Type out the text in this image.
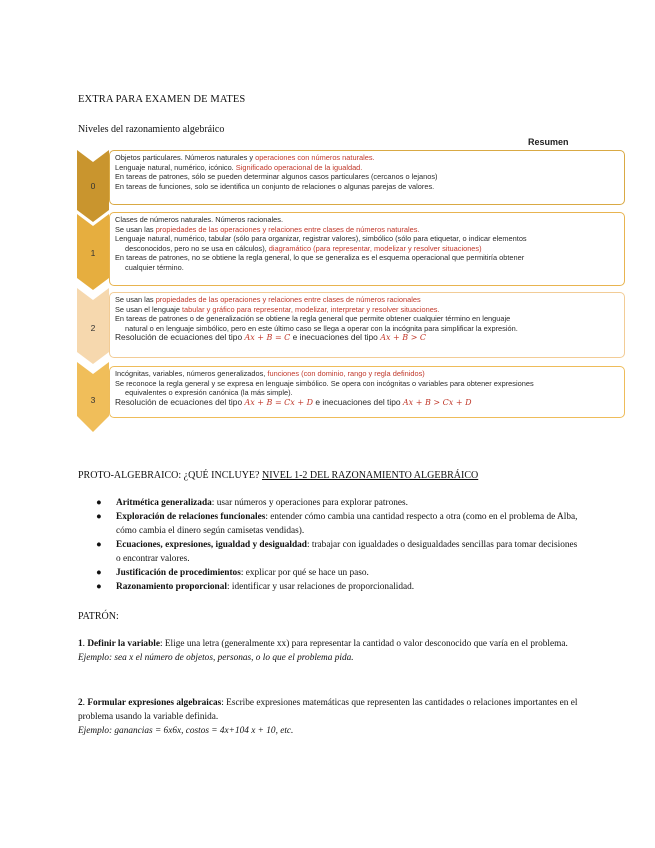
EXTRA PARA EXAMEN DE MATES
Niveles del razonamiento algebráico
Resumen
0
1
2
3
Objetos particulares. Números naturales y operaciones con números naturales.
Lenguaje natural, numérico, icónico. Significado operacional de la igualdad.
En tareas de patrones, sólo se pueden determinar algunos casos particulares (cercanos o lejanos)
En tareas de funciones, solo se identifica un conjunto de relaciones o algunas parejas de valores.
Clases de números naturales. Números racionales.
Se usan las propiedades de las operaciones y relaciones entre clases de números naturales.
Lenguaje natural, numérico, tabular (sólo para organizar, registrar valores), simbólico (sólo para etiquetar, o indicar elementos
desconocidos, pero no se usa en cálculos), diagramático (para representar, modelizar y resolver situaciones)
En tareas de patrones, no se obtiene la regla general, lo que se generaliza es el esquema operacional que permitiría obtener
cualquier término.
Se usan las propiedades de las operaciones y relaciones entre clases de números racionales
Se usan el lenguaje tabular y gráfico para representar, modelizar, interpretar y resolver situaciones.
En tareas de patrones o de generalización se obtiene la regla general que permite obtener cualquier término en lenguaje
natural o en lenguaje simbólico, pero en este último caso se llega a operar con la incógnita para simplificar la expresión.
Resolución de ecuaciones del tipo Ax + B = C e inecuaciones del tipo Ax + B > C
Incógnitas, variables, números generalizados, funciones (con dominio, rango y regla definidos)
Se reconoce la regla general y se expresa en lenguaje simbólico. Se opera con incógnitas o variables para obtener expresiones
equivalentes o expresión canónica (la más simple).
Resolución de ecuaciones del tipo Ax + B = Cx + D e inecuaciones del tipo Ax + B > Cx + D
PROTO-ALGEBRAICO: ¿QUÉ INCLUYE? NIVEL 1-2 DEL RAZONAMIENTO ALGEBRÁICO
● Aritmética generalizada: usar números y operaciones para explorar patrones.
● Exploración de relaciones funcionales: entender cómo cambia una cantidad respecto a otra (como en el problema de Alba, cómo cambia el dinero según camisetas vendidas).
● Ecuaciones, expresiones, igualdad y desigualdad: trabajar con igualdades o desigualdades sencillas para tomar decisiones o encontrar valores.
● Justificación de procedimientos: explicar por qué se hace un paso.
● Razonamiento proporcional: identificar y usar relaciones de proporcionalidad.
PATRÓN:
1. Definir la variable: Elige una letra (generalmente xx) para representar la cantidad o valor desconocido que varía en el problema.
Ejemplo: sea x el número de objetos, personas, o lo que el problema pida.
2. Formular expresiones algebraicas: Escribe expresiones matemáticas que representen las cantidades o relaciones importantes en el problema usando la variable definida.
Ejemplo: ganancias = 6x6x, costos = 4x+104 x + 10, etc.
